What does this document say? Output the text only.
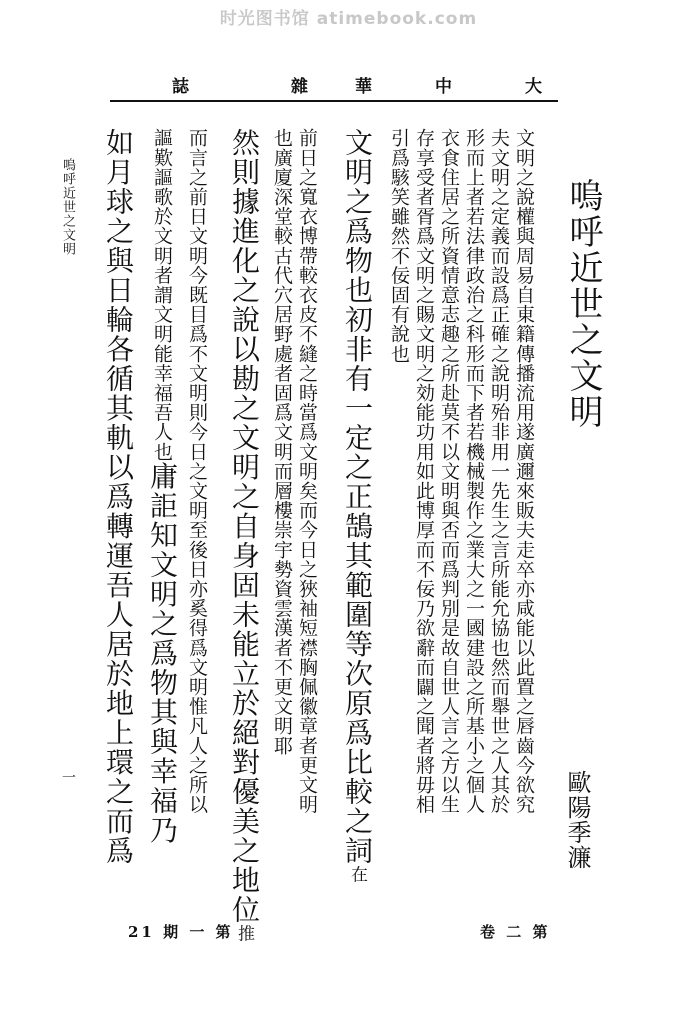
时光图书馆 atimebook.com
誌	雜	華	中	大
嗚呼近世之文明
歐陽季濂
文明之說權與周易自東籍傳播流用遂廣邇來販夫走卒亦咸能以此置之唇齒今欲究
夫文明之定義而設爲正確之說明殆非用一先生之言所能允協也然而舉世之人其於
形而上者若法律政治之科形而下者若機械製作之業大之一國建設之所基小之個人
衣食住居之所資情意志趣之所赴莫不以文明與否而爲判別是故自世人言之方以生
存享受者胥爲文明之賜文明之効能功用如此博厚而不佞乃欲辭而闢之聞者將毋相
引爲駭笑雖然不佞固有說也
文明之爲物也初非有一定之正鵠其範圍等次原爲比較之詞在
前日之寬衣博帶較衣皮不縫之時當爲文明矣而今日之狹袖短襟胸佩徽章者更文明
也廣廈深堂較古代穴居野處者固爲文明而層樓崇宇勢資雲漢者不更文明耶
然則據進化之說以勘之文明之自身固未能立於絕對優美之地位推
而言之前日文明今既目爲不文明則今日之文明至後日亦奚得爲文明惟凡人之所以
謳歎謳歌於文明者謂文明能幸福吾人也庸詎知文明之爲物其與幸福乃
如月球之與日輪各循其軌以爲轉運吾人居於地上環之而爲
嗚呼近世之文明
一
21 期 一 第	卷 二 第
